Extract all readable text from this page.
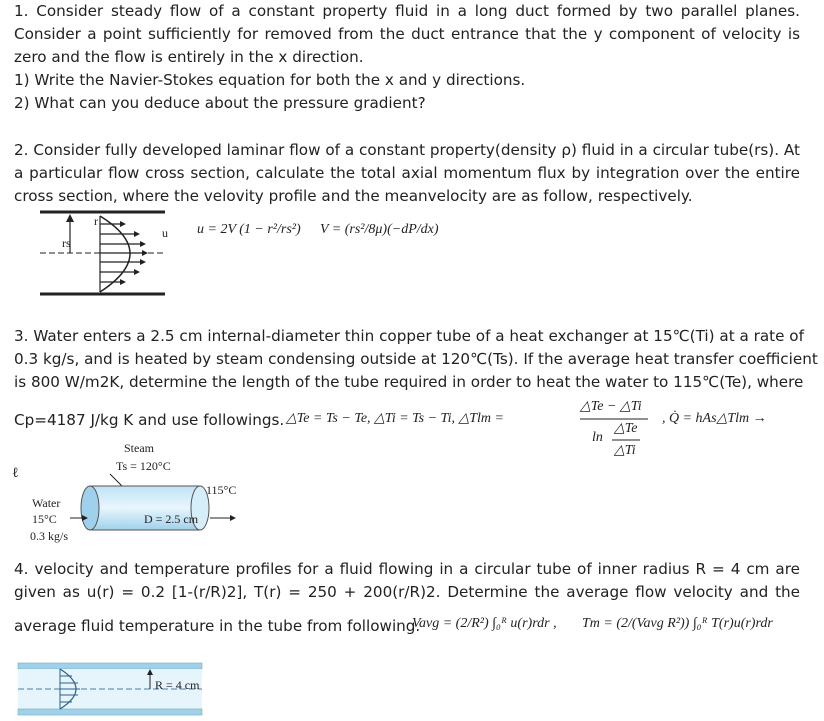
1. Consider steady flow of a constant property fluid in a long duct formed by two parallel planes.
Consider a point sufficiently for removed from the duct entrance that the y component of velocity is
zero and the flow is entirely in the x direction.
1) Write the Navier-Stokes equation for both the x and y directions.
2) What can you deduce about the pressure gradient?
2. Consider fully developed laminar flow of a constant property(density ρ) fluid in a circular tube(rs). At
a particular flow cross section, calculate the total axial momentum flux by integration over the entire
cross section, where the velovity profile and the meanvelocity are as follow, respectively.
r
rs
u u = 2V (1 − r²/rs²) V = (rs²/8μ)(−dP/dx)
3. Water enters a 2.5 cm internal-diameter thin copper tube of a heat exchanger at 15℃(Ti) at a rate of
0.3 kg/s, and is heated by steam condensing outside at 120℃(Ts). If the average heat transfer coefficient
is 800 W/m2K, determine the length of the tube required in order to heat the water to 115℃(Te), where
Cp=4187 J/kg K and use followings. △Te = Ts − Te, △Ti = Ts − Ti, △Tlm =
△Te − △Ti
ln
△Te
△Ti
, Q̇ = hAs△Tlm →
ℓ
Steam
Ts = 120°C
115°C
Water
15°C	D = 2.5 cm
0.3 kg/s
4. velocity and temperature profiles for a fluid flowing in a circular tube of inner radius R = 4 cm are
given as u(r) = 0.2 [1-(r/R)2], T(r) = 250 + 200(r/R)2. Determine the average flow velocity and the
average fluid temperature in the tube from following.
Vavg = (2/R²) ∫₀ᴿ u(r)rdr , Tm = (2/(Vavg R²)) ∫₀ᴿ T(r)u(r)rdr
R = 4 cm
